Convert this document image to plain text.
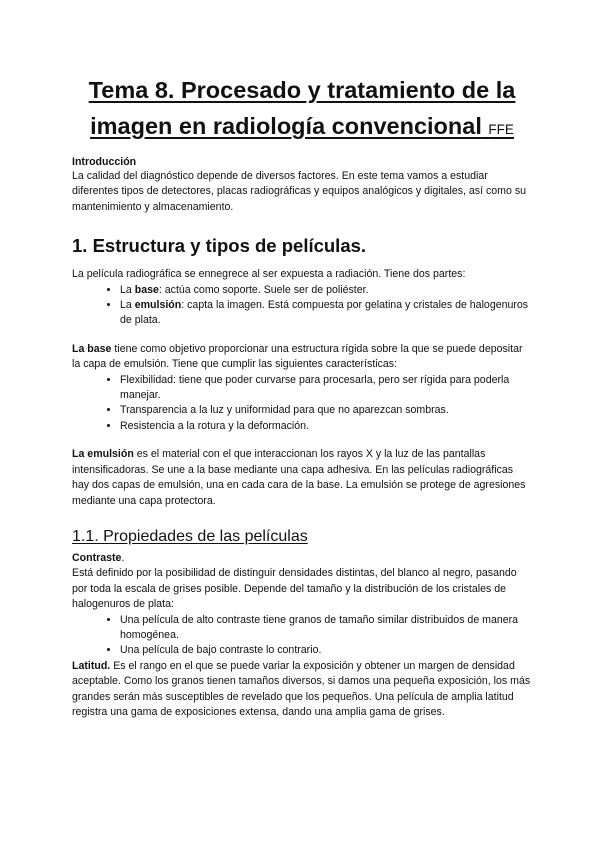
Tema 8. Procesado y tratamiento de la imagen en radiología convencional FFE
Introducción

La calidad del diagnóstico depende de diversos factores. En este tema vamos a estudiar diferentes tipos de detectores, placas radiográficas y equipos analógicos y digitales, así como su mantenimiento y almacenamiento.

1. Estructura y tipos de películas.

La película radiográfica se ennegrece al ser expuesta a radiación. Tiene dos partes:

• La base: actúa como soporte. Suele ser de poliéster.
• La emulsión: capta la imagen. Está compuesta por gelatina y cristales de halogenuros de plata.

La base tiene como objetivo proporcionar una estructura rígida sobre la que se puede depositar la capa de emulsión. Tiene que cumplir las siguientes características:

• Flexibilidad: tiene que poder curvarse para procesarla, pero ser rígida para poderla manejar.
• Transparencia a la luz y uniformidad para que no aparezcan sombras.
• Resistencia a la rotura y la deformación.

La emulsión es el material con el que interaccionan los rayos X y la luz de las pantallas intensificadoras. Se une a la base mediante una capa adhesiva. En las películas radiográficas hay dos capas de emulsión, una en cada cara de la base. La emulsión se protege de agresiones mediante una capa protectora.

1.1. Propiedades de las películas

Contraste.

Está definido por la posibilidad de distinguir densidades distintas, del blanco al negro, pasando por toda la escala de grises posible. Depende del tamaño y la distribución de los cristales de halogenuros de plata:

• Una película de alto contraste tiene granos de tamaño similar distribuidos de manera homogénea.
• Una película de bajo contraste lo contrario.

Latitud. Es el rango en el que se puede variar la exposición y obtener un margen de densidad aceptable. Como los granos tienen tamaños diversos, si damos una pequeña exposición, los más grandes serán más susceptibles de revelado que los pequeños. Una película de amplia latitud registra una gama de exposiciones extensa, dando una amplia gama de grises.
